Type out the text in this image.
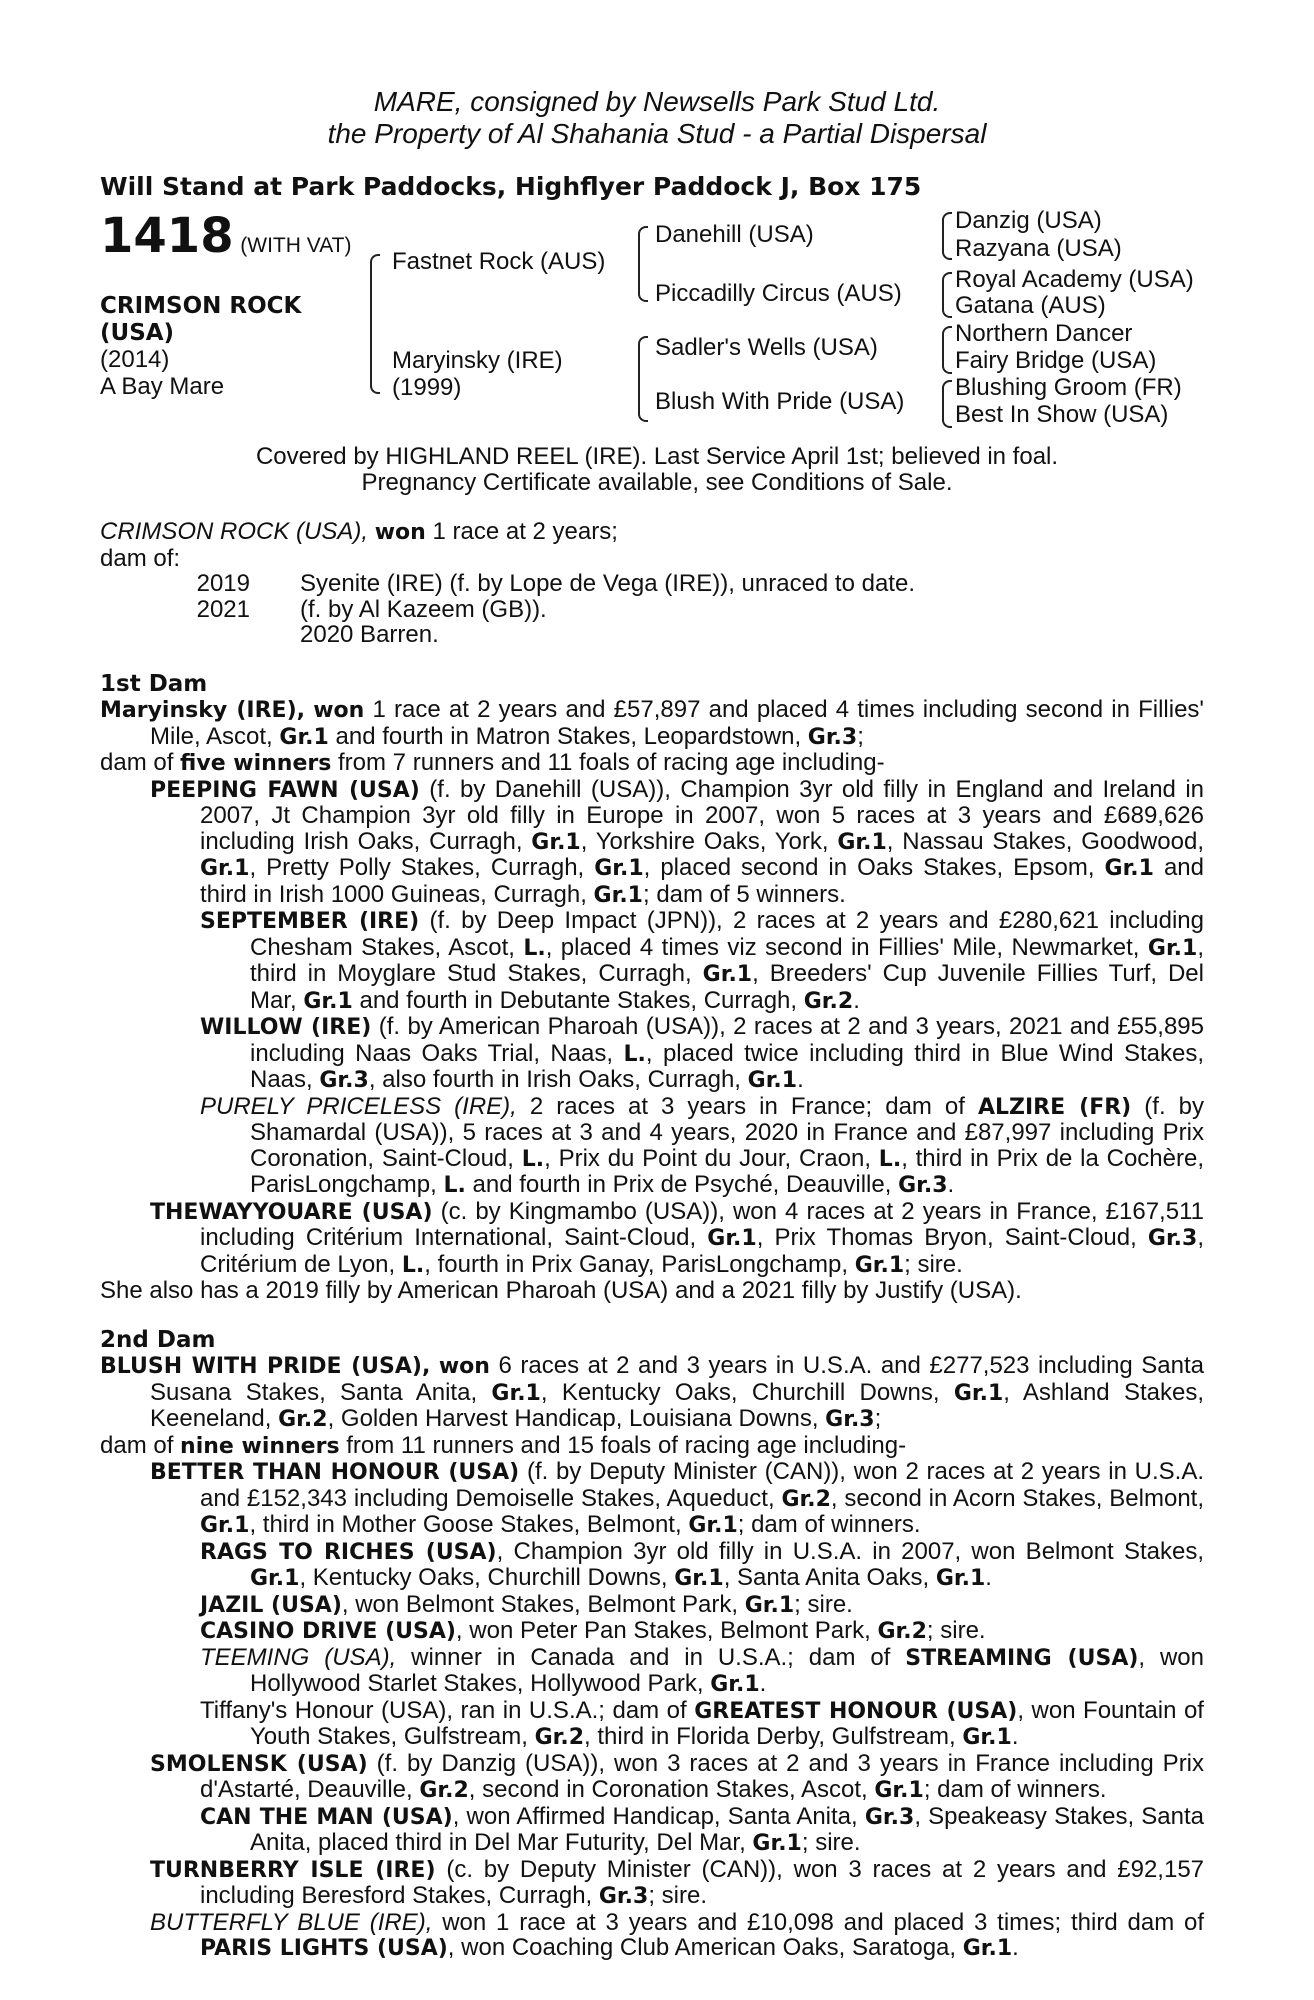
MARE, consigned by Newsells Park Stud Ltd.
the Property of Al Shahania Stud - a Partial Dispersal
Will Stand at Park Paddocks, Highflyer Paddock J, Box 175
1418 (WITH VAT)
CRIMSON ROCK
(USA)
(2014)
A Bay Mare
Fastnet Rock (AUS)
Maryinsky (IRE)
(1999)
Danehill (USA)
Piccadilly Circus (AUS)
Sadler's Wells (USA)
Blush With Pride (USA)
Danzig (USA)
Razyana (USA)
Royal Academy (USA)
Gatana (AUS)
Northern Dancer
Fairy Bridge (USA)
Blushing Groom (FR)
Best In Show (USA)
Covered by HIGHLAND REEL (IRE). Last Service April 1st; believed in foal.
Pregnancy Certificate available, see Conditions of Sale.

CRIMSON ROCK (USA), won 1 race at 2 years;

dam of:

2019	Syenite (IRE) (f. by Lope de Vega (IRE)), unraced to date.
2021	(f. by Al Kazeem (GB)).
2020 Barren.

1st Dam

Maryinsky (IRE), won 1 race at 2 years and £57,897 and placed 4 times including second in Fillies' Mile, Ascot, Gr.1 and fourth in Matron Stakes, Leopardstown, Gr.3;

dam of five winners from 7 runners and 11 foals of racing age including-

PEEPING FAWN (USA) (f. by Danehill (USA)), Champion 3yr old filly in England and Ireland in 2007, Jt Champion 3yr old filly in Europe in 2007, won 5 races at 3 years and £689,626 including Irish Oaks, Curragh, Gr.1, Yorkshire Oaks, York, Gr.1, Nassau Stakes, Goodwood, Gr.1, Pretty Polly Stakes, Curragh, Gr.1, placed second in Oaks Stakes, Epsom, Gr.1 and third in Irish 1000 Guineas, Curragh, Gr.1; dam of 5 winners.

SEPTEMBER (IRE) (f. by Deep Impact (JPN)), 2 races at 2 years and £280,621 including Chesham Stakes, Ascot, L., placed 4 times viz second in Fillies' Mile, Newmarket, Gr.1, third in Moyglare Stud Stakes, Curragh, Gr.1, Breeders' Cup Juvenile Fillies Turf, Del Mar, Gr.1 and fourth in Debutante Stakes, Curragh, Gr.2.

WILLOW (IRE) (f. by American Pharoah (USA)), 2 races at 2 and 3 years, 2021 and £55,895 including Naas Oaks Trial, Naas, L., placed twice including third in Blue Wind Stakes, Naas, Gr.3, also fourth in Irish Oaks, Curragh, Gr.1.

PURELY PRICELESS (IRE), 2 races at 3 years in France; dam of ALZIRE (FR) (f. by Shamardal (USA)), 5 races at 3 and 4 years, 2020 in France and £87,997 including Prix Coronation, Saint-Cloud, L., Prix du Point du Jour, Craon, L., third in Prix de la Cochère, ParisLongchamp, L. and fourth in Prix de Psyché, Deauville, Gr.3.

THEWAYYOUARE (USA) (c. by Kingmambo (USA)), won 4 races at 2 years in France, £167,511 including Critérium International, Saint-Cloud, Gr.1, Prix Thomas Bryon, Saint-Cloud, Gr.3, Critérium de Lyon, L., fourth in Prix Ganay, ParisLongchamp, Gr.1; sire.

She also has a 2019 filly by American Pharoah (USA) and a 2021 filly by Justify (USA).

2nd Dam

BLUSH WITH PRIDE (USA), won 6 races at 2 and 3 years in U.S.A. and £277,523 including Santa Susana Stakes, Santa Anita, Gr.1, Kentucky Oaks, Churchill Downs, Gr.1, Ashland Stakes, Keeneland, Gr.2, Golden Harvest Handicap, Louisiana Downs, Gr.3;

dam of nine winners from 11 runners and 15 foals of racing age including-

BETTER THAN HONOUR (USA) (f. by Deputy Minister (CAN)), won 2 races at 2 years in U.S.A. and £152,343 including Demoiselle Stakes, Aqueduct, Gr.2, second in Acorn Stakes, Belmont, Gr.1, third in Mother Goose Stakes, Belmont, Gr.1; dam of winners.

RAGS TO RICHES (USA), Champion 3yr old filly in U.S.A. in 2007, won Belmont Stakes, Gr.1, Kentucky Oaks, Churchill Downs, Gr.1, Santa Anita Oaks, Gr.1.

JAZIL (USA), won Belmont Stakes, Belmont Park, Gr.1; sire.

CASINO DRIVE (USA), won Peter Pan Stakes, Belmont Park, Gr.2; sire.

TEEMING (USA), winner in Canada and in U.S.A.; dam of STREAMING (USA), won Hollywood Starlet Stakes, Hollywood Park, Gr.1.

Tiffany's Honour (USA), ran in U.S.A.; dam of GREATEST HONOUR (USA), won Fountain of Youth Stakes, Gulfstream, Gr.2, third in Florida Derby, Gulfstream, Gr.1.

SMOLENSK (USA) (f. by Danzig (USA)), won 3 races at 2 and 3 years in France including Prix d'Astarté, Deauville, Gr.2, second in Coronation Stakes, Ascot, Gr.1; dam of winners.

CAN THE MAN (USA), won Affirmed Handicap, Santa Anita, Gr.3, Speakeasy Stakes, Santa Anita, placed third in Del Mar Futurity, Del Mar, Gr.1; sire.

TURNBERRY ISLE (IRE) (c. by Deputy Minister (CAN)), won 3 races at 2 years and £92,157 including Beresford Stakes, Curragh, Gr.3; sire.

BUTTERFLY BLUE (IRE), won 1 race at 3 years and £10,098 and placed 3 times; third dam of PARIS LIGHTS (USA), won Coaching Club American Oaks, Saratoga, Gr.1.
